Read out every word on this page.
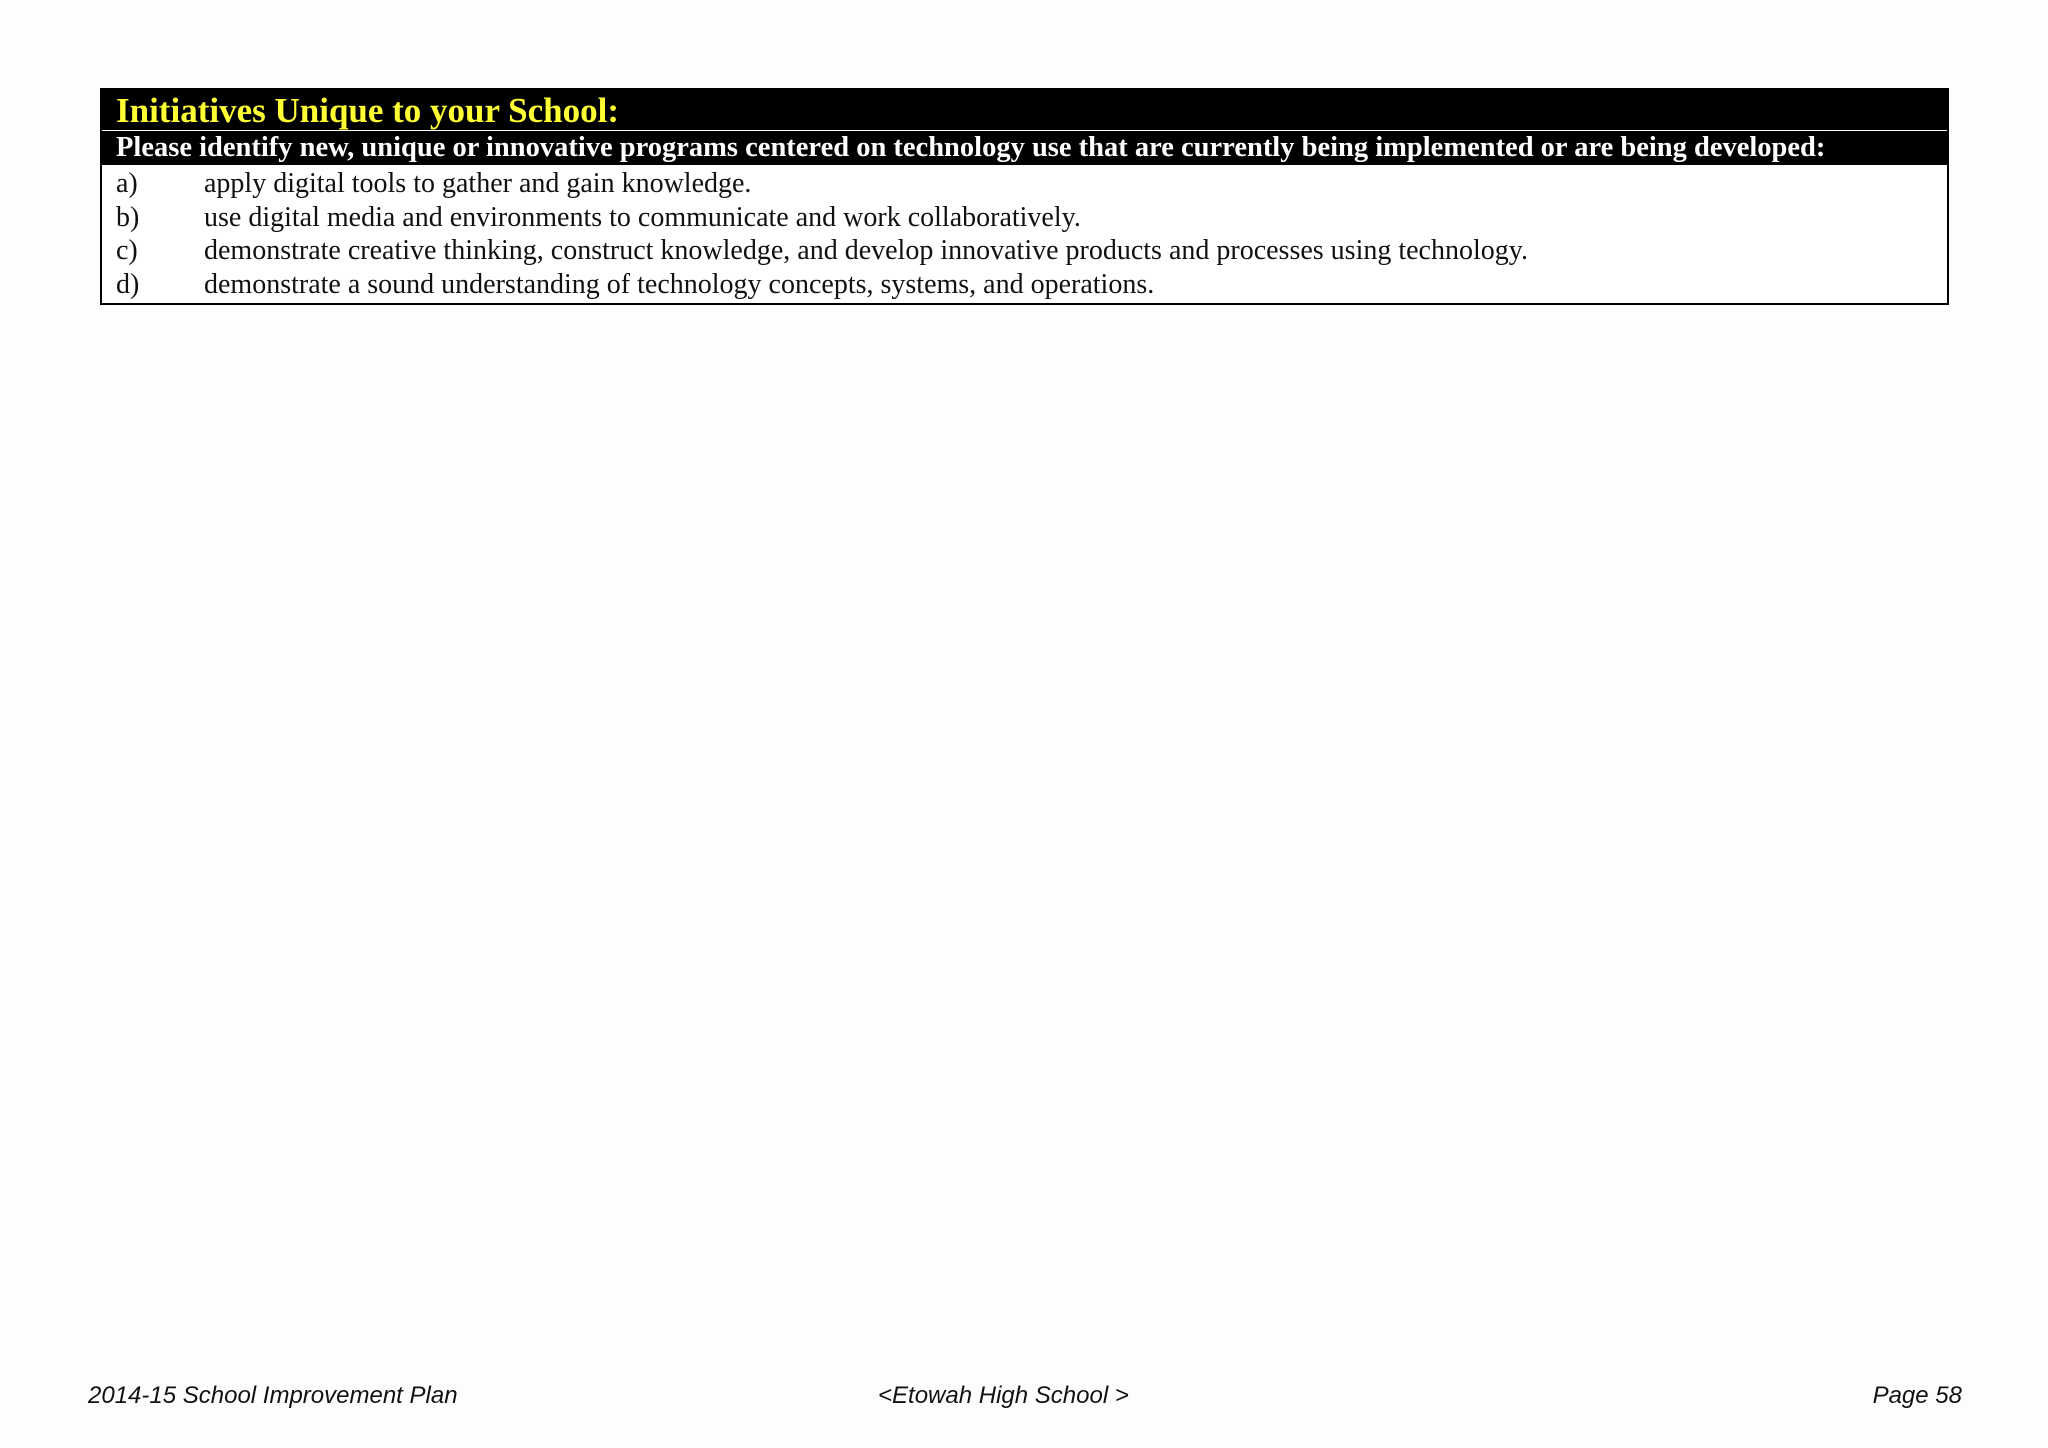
Initiatives Unique to your School:
Please identify new, unique or innovative programs centered on technology use that are currently being implemented or are being developed:
a)	apply digital tools to gather and gain knowledge.
b)	use digital media and environments to communicate and work collaboratively.
c)	demonstrate creative thinking, construct knowledge, and develop innovative products and processes using technology.
d)	demonstrate a sound understanding of technology concepts, systems, and operations.
2014-15 School Improvement Plan	<Etowah High School >	Page 58
